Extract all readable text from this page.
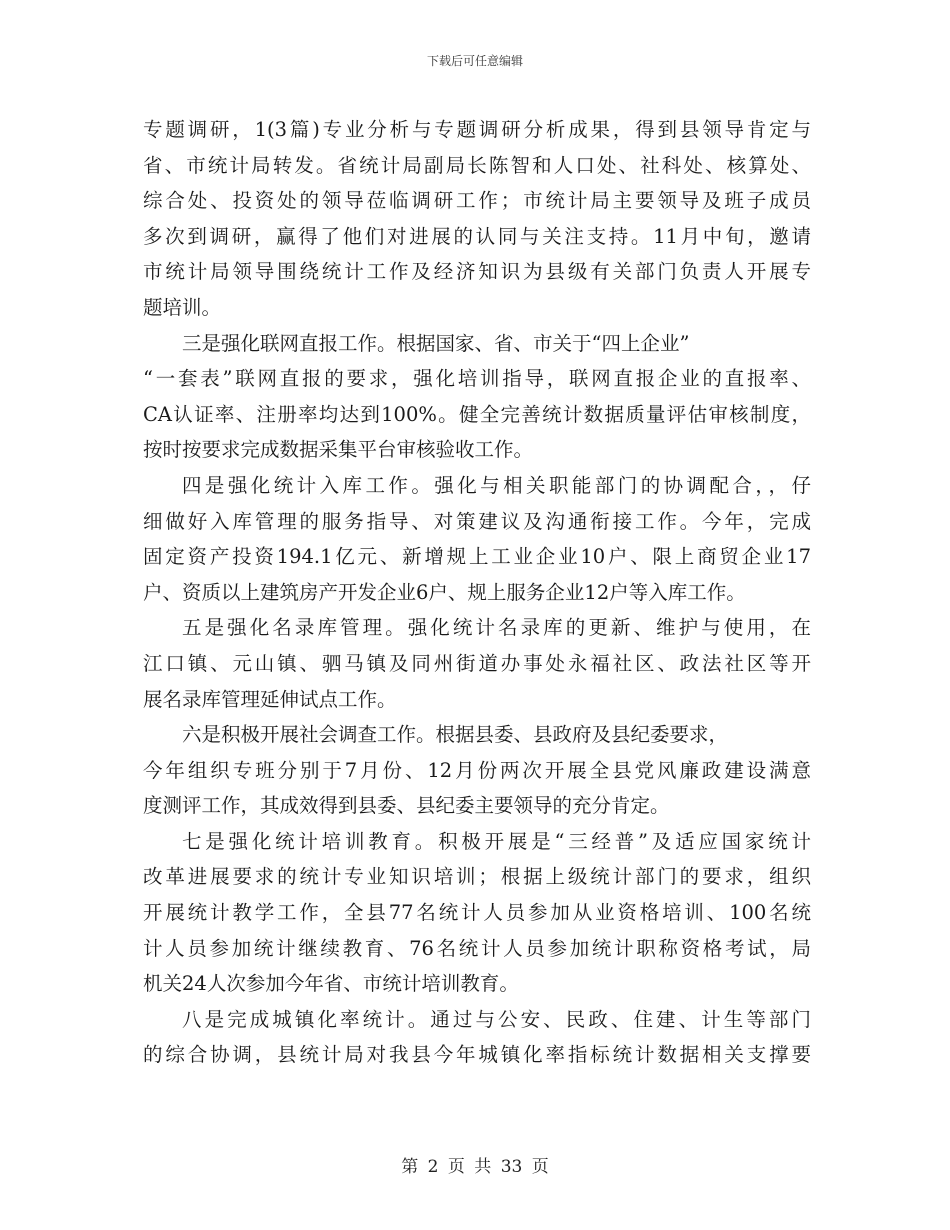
下载后可任意编辑
专题调研，1(3篇)专业分析与专题调研分析成果，得到县领导肯定与
省、市统计局转发。省统计局副局长陈智和人口处、社科处、核算处、
综合处、投资处的领导莅临调研工作；市统计局主要领导及班子成员
多次到调研，赢得了他们对进展的认同与关注支持。11月中旬，邀请
市统计局领导围绕统计工作及经济知识为县级有关部门负责人开展专
题培训。
三是强化联网直报工作。根据国家、省、市关于“四上企业”
“一套表”联网直报的要求，强化培训指导，联网直报企业的直报率、
CA认证率、注册率均达到100%。健全完善统计数据质量评估审核制度，
按时按要求完成数据采集平台审核验收工作。
四是强化统计入库工作。强化与相关职能部门的协调配合，，仔
细做好入库管理的服务指导、对策建议及沟通衔接工作。今年，完成
固定资产投资194.1亿元、新增规上工业企业10户、限上商贸企业17
户、资质以上建筑房产开发企业6户、规上服务企业12户等入库工作。
五是强化名录库管理。强化统计名录库的更新、维护与使用，在
江口镇、元山镇、驷马镇及同州街道办事处永福社区、政法社区等开
展名录库管理延伸试点工作。
六是积极开展社会调查工作。根据县委、县政府及县纪委要求，
今年组织专班分别于7月份、12月份两次开展全县党风廉政建设满意
度测评工作，其成效得到县委、县纪委主要领导的充分肯定。
七是强化统计培训教育。积极开展是“三经普”及适应国家统计
改革进展要求的统计专业知识培训；根据上级统计部门的要求，组织
开展统计教学工作，全县77名统计人员参加从业资格培训、100名统
计人员参加统计继续教育、76名统计人员参加统计职称资格考试，局
机关24人次参加今年省、市统计培训教育。
八是完成城镇化率统计。通过与公安、民政、住建、计生等部门
的综合协调，县统计局对我县今年城镇化率指标统计数据相关支撑要
第 2 页 共 33 页
